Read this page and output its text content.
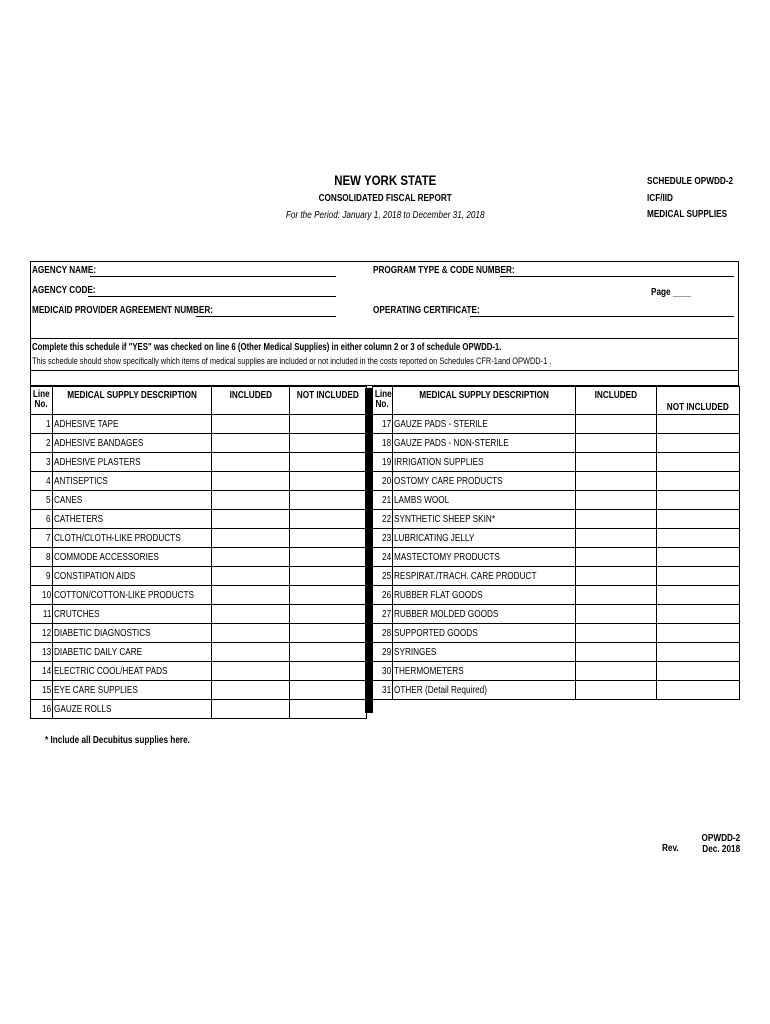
NEW YORK STATE
CONSOLIDATED FISCAL REPORT
For the Period: January 1, 2018 to December 31, 2018
SCHEDULE OPWDD-2
ICF/IID
MEDICAL SUPPLIES
AGENCY NAME:
AGENCY CODE:
MEDICAID PROVIDER AGREEMENT NUMBER:
PROGRAM TYPE & CODE NUMBER:
Page ____
OPERATING CERTIFICATE:
Complete this schedule if "YES" was checked on line 6 (Other Medical Supplies) in either column 2 or 3 of schedule OPWDD-1.
This schedule should show specifically which items of medical supplies are included or not included in the costs reported on Schedules CFR-1and OPWDD-1 .
Line
No.	MEDICAL SUPPLY DESCRIPTION	INCLUDED	NOT INCLUDED

1	ADHESIVE TAPE		
2	ADHESIVE BANDAGES		
3	ADHESIVE PLASTERS		
4	ANTISEPTICS		
5	CANES		
6	CATHETERS		
7	CLOTH/CLOTH-LIKE PRODUCTS		
8	COMMODE ACCESSORIES		
9	CONSTIPATION AIDS		
10	COTTON/COTTON-LIKE PRODUCTS		
11	CRUTCHES		
12	DIABETIC DIAGNOSTICS		
13	DIABETIC DAILY CARE		
14	ELECTRIC COOL/HEAT PADS		
15	EYE CARE SUPPLIES		
16	GAUZE ROLLS		
Line
No.	MEDICAL SUPPLY DESCRIPTION	INCLUDED	NOT INCLUDED

17	GAUZE PADS - STERILE		
18	GAUZE PADS - NON-STERILE		
19	IRRIGATION SUPPLIES		
20	OSTOMY CARE PRODUCTS		
21	LAMBS WOOL		
22	SYNTHETIC SHEEP SKIN*		
23	LUBRICATING JELLY		
24	MASTECTOMY PRODUCTS		
25	RESPIRAT./TRACH. CARE PRODUCT		
26	RUBBER FLAT GOODS		
27	RUBBER MOLDED GOODS		
28	SUPPORTED GOODS		
29	SYRINGES		
30	THERMOMETERS		
31	OTHER (Detail Required)		
* Include all Decubitus supplies here.
Rev.
OPWDD-2
Dec. 2018
